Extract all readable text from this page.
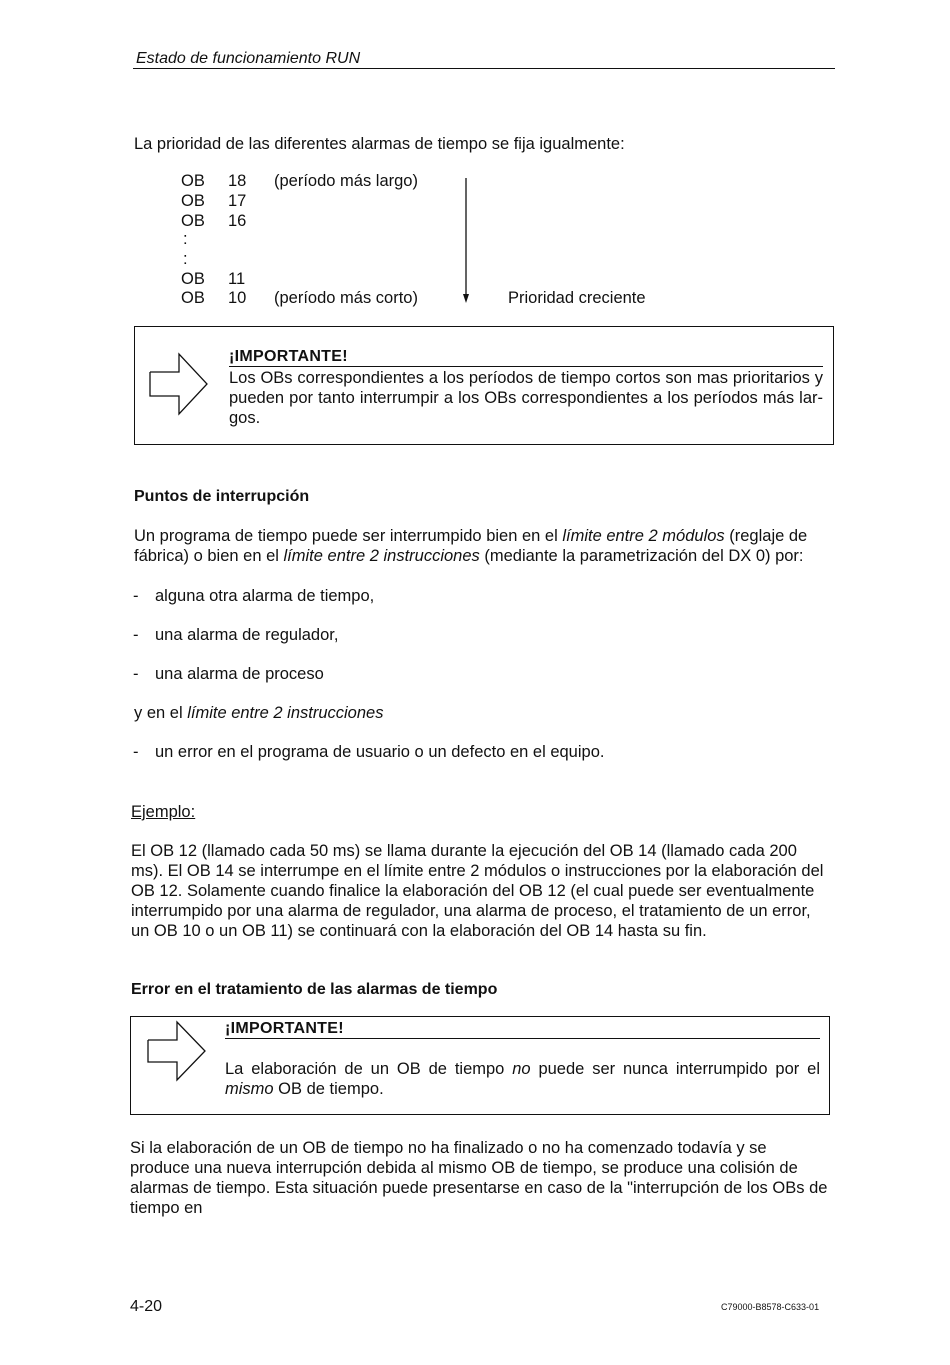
Estado de funcionamiento RUN
La prioridad de las diferentes alarmas de tiempo se fija igualmente:
OB 18 (período más largo)
OB 17
OB 16
:
:
OB 11
OB 10 (período más corto)	Prioridad creciente
¡IMPORTANTE!
Los OBs correspondientes a los períodos de tiempo cortos son mas prioritarios y pueden por tanto interrumpir a los OBs correspondientes a los períodos más lar-gos.
Puntos de interrupción
Un programa de tiempo puede ser interrumpido bien en el límite entre 2 módulos (reglaje de fábrica) o bien en el límite entre 2 instrucciones (mediante la parametrización del DX 0) por:
- alguna otra alarma de tiempo,
- una alarma de regulador,
- una alarma de proceso
y en el límite entre 2 instrucciones
- un error en el programa de usuario o un defecto en el equipo.
Ejemplo:
El OB 12 (llamado cada 50 ms) se llama durante la ejecución del OB 14 (llamado cada 200 ms). El OB 14 se interrumpe en el límite entre 2 módulos o instrucciones por la elaboración del OB 12. Solamente cuando finalice la elaboración del OB 12 (el cual puede ser eventualmente interrumpido por una alarma de regulador, una alarma de proceso, el tratamiento de un error, un OB 10 o un OB 11) se continuará con la elaboración del OB 14 hasta su fin.
Error en el tratamiento de las alarmas de tiempo
¡IMPORTANTE!
La elaboración de un OB de tiempo no puede ser nunca interrumpido por el mismo OB de tiempo.
Si la elaboración de un OB de tiempo no ha finalizado o no ha comenzado todavía y se produce una nueva interrupción debida al mismo OB de tiempo, se produce una colisión de alarmas de tiempo. Esta situación puede presentarse en caso de la "interrupción de los OBs de tiempo en
4-20	C79000-B8578-C633-01
